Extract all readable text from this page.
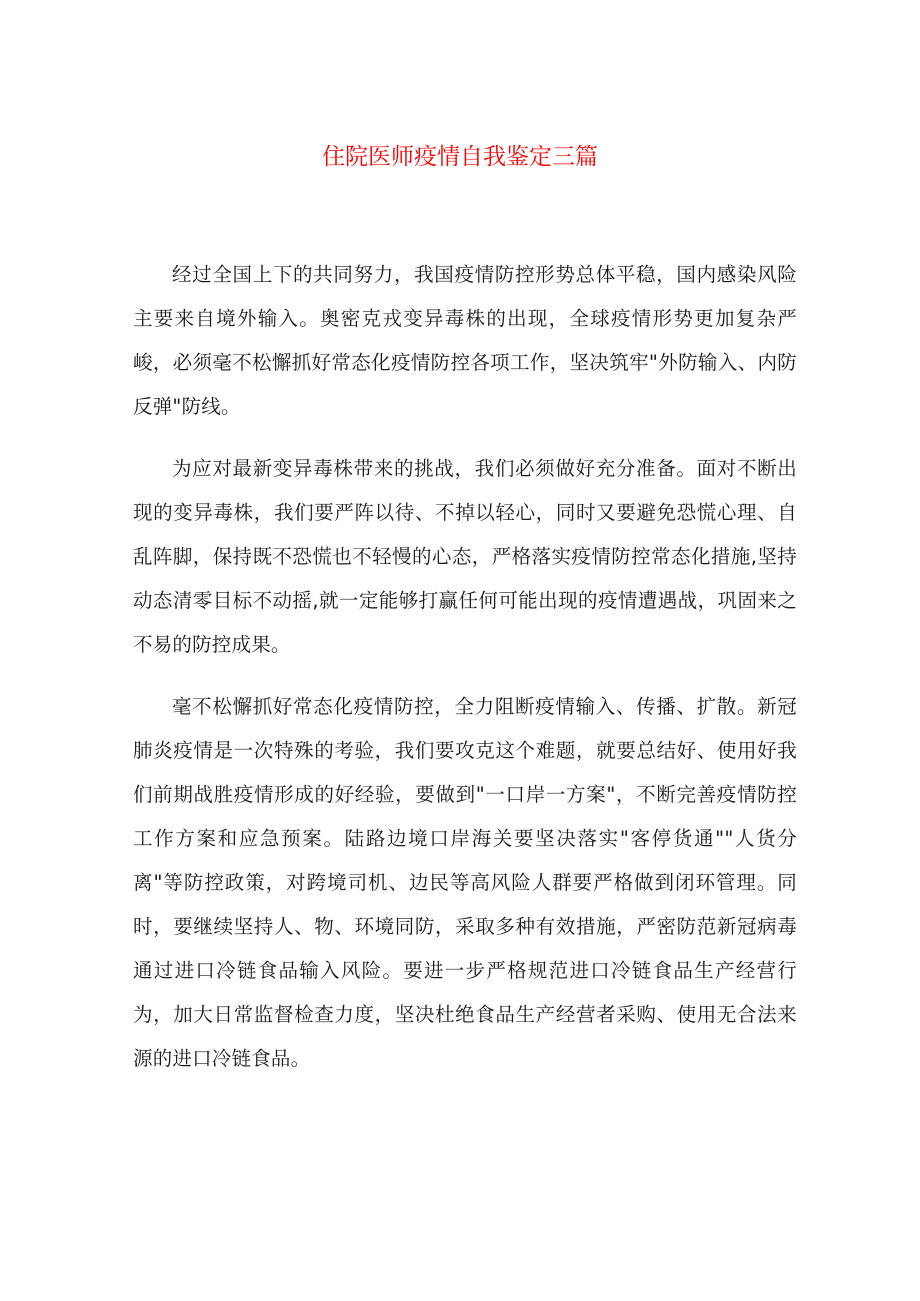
住院医师疫情自我鉴定三篇

经过全国上下的共同努力，我国疫情防控形势总体平稳，国内感染风险主要来自境外输入。奥密克戎变异毒株的出现，全球疫情形势更加复杂严峻，必须毫不松懈抓好常态化疫情防控各项工作，坚决筑牢"外防输入、内防反弹"防线。

为应对最新变异毒株带来的挑战，我们必须做好充分准备。面对不断出现的变异毒株，我们要严阵以待、不掉以轻心，同时又要避免恐慌心理、自乱阵脚，保持既不恐慌也不轻慢的心态，严格落实疫情防控常态化措施,坚持动态清零目标不动摇,就一定能够打赢任何可能出现的疫情遭遇战，巩固来之不易的防控成果。

毫不松懈抓好常态化疫情防控，全力阻断疫情输入、传播、扩散。新冠肺炎疫情是一次特殊的考验，我们要攻克这个难题，就要总结好、使用好我们前期战胜疫情形成的好经验，要做到"一口岸一方案"，不断完善疫情防控工作方案和应急预案。陆路边境口岸海关要坚决落实"客停货通""人货分离"等防控政策，对跨境司机、边民等高风险人群要严格做到闭环管理。同时，要继续坚持人、物、环境同防，采取多种有效措施，严密防范新冠病毒通过进口冷链食品输入风险。要进一步严格规范进口冷链食品生产经营行为，加大日常监督检查力度，坚决杜绝食品生产经营者采购、使用无合法来源的进口冷链食品。
